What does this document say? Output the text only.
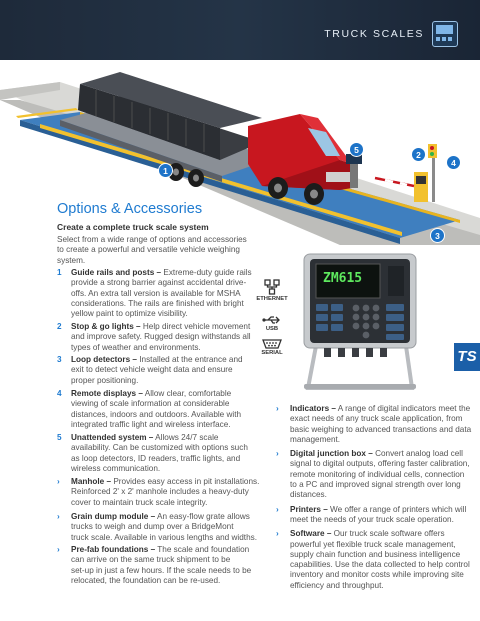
TRUCK SCALES
5	2
4
1
3
Options & Accessories
Create a complete truck scale system
Select from a wide range of options and accessories
to create a powerful and versatile vehicle weighing
system.
1 Guide rails and posts – Extreme-duty guide rails
provide a strong barrier against accidental drive-
offs. An extra tall version is available for MSHA
considerations. The rails are finished with bright
yellow paint to optimize visibility.
2 Stop & go lights – Help direct vehicle movement
and improve safety. Rugged design withstands all
types of weather and environments.
3 Loop detectors – Installed at the entrance and
exit to detect vehicle weight data and ensure
proper positioning.
4 Remote displays – Allow clear, comfortable
viewing of scale information at considerable
distances, indoors and outdoors. Available with
integrated traffic light and wireless interface.
5 Unattended system – Allows 24/7 scale
availability. Can be customized with options such
as loop detectors, ID readers, traffic lights, and
wireless communication.
› Manhole – Provides easy access in pit installations.
Reinforced 2' x 2' manhole includes a heavy-duty
cover to maintain truck scale integrity.
› Grain dump module – An easy-flow grate allows
trucks to weigh and dump over a BridgeMont
truck scale. Available in various lengths and widths.
› Pre-fab foundations – The scale and foundation
can arrive on the same truck shipment to be
set-up in just a few hours. If the scale needs to be
relocated, the foundation can be re-used.
ETHERNET
USB
SERIAL
ZM615
TS
› Indicators – A range of digital indicators meet the
exact needs of any truck scale application, from
basic weighing to advanced transactions and data
management.
› Digital junction box – Convert analog load cell
signal to digital outputs, offering faster calibration,
remote monitoring of individual cells, connection
to a PC and improved signal strength over long
distances.
› Printers – We offer a range of printers which will
meet the needs of your truck scale operation.
› Software – Our truck scale software offers
powerful yet flexible truck scale management,
supply chain function and business intelligence
capabilities. Use the data collected to help control
inventory and monitor costs while improving site
efficiency and throughput.
